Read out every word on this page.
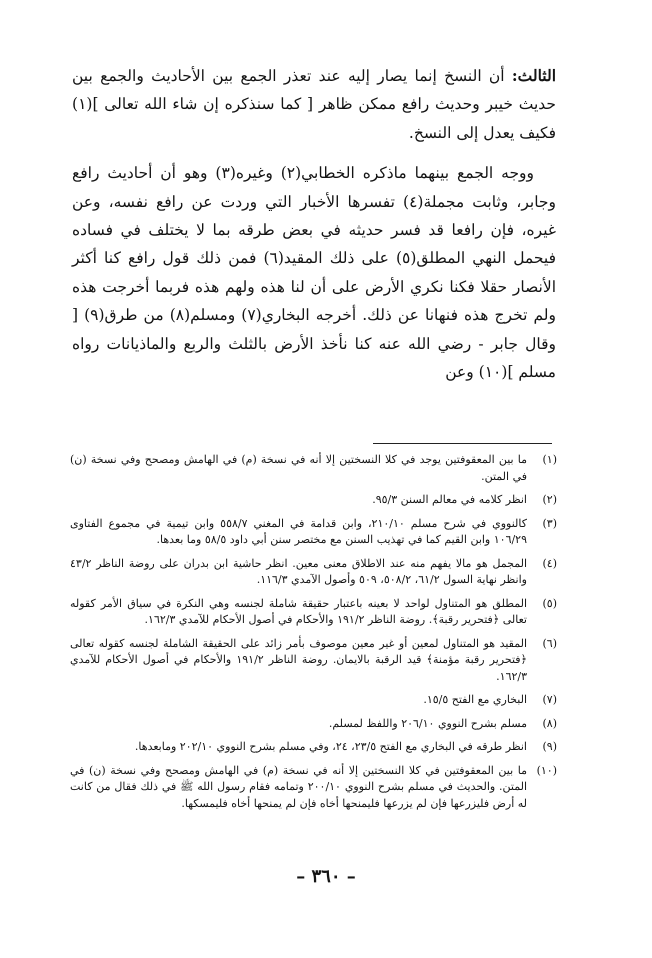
الثالث: أن النسخ إنما يصار إليه عند تعذر الجمع بين الأحاديث والجمع بين حديث خيبر وحديث رافع ممكن ظاهر [ كما سنذكره إن شاء الله تعالى ](١) فكيف يعدل إلى النسخ.

ووجه الجمع بينهما ماذكره الخطابي(٢) وغيره(٣) وهو أن أحاديث رافع وجابر، وثابت مجملة(٤) تفسرها الأخبار التي وردت عن رافع نفسه، وعن غيره، فإن رافعا قد فسر حديثه في بعض طرقه بما لا يختلف في فساده فيحمل النهي المطلق(٥) على ذلك المقيد(٦) فمن ذلك قول رافع كنا أكثر الأنصار حقلا فكنا نكري الأرض على أن لنا هذه ولهم هذه فربما أخرجت هذه ولم تخرج هذه فنهانا عن ذلك. أخرجه البخاري(٧) ومسلم(٨) من طرق(٩) [ وقال جابر - رضي الله عنه كنا نأخذ الأرض بالثلث والربع والماذيانات رواه مسلم ](١٠) وعن

(١)
ما بين المعقوفتين يوجد في كلا النسختين إلا أنه في نسخة (م) في الهامش ومصحح وفي نسخة (ن) في المتن.
(٢)
انظر كلامه في معالم السنن ٩٥/٣.
(٣)
كالنووي في شرح مسلم ٢١٠/١٠، وابن قدامة في المغني ٥٥٨/٧ وابن تيمية في مجموع الفتاوى ١٠٦/٢٩ وابن القيم كما في تهذيب السنن مع مختصر سنن أبي داود ٥٨/٥ وما بعدها.
(٤)
المجمل هو مالا يفهم منه عند الاطلاق معنى معين. انظر حاشية ابن بدران على روضة الناظر ٤٣/٢ وانظر نهاية السول ٦١/٢، ٥٠٨/٢، ٥٠٩ وأصول الآمدي ١١٦/٣.
(٥)
المطلق هو المتناول لواحد لا بعينه باعتبار حقيقة شاملة لجنسه وهي النكرة في سياق الأمر كقوله تعالى ﴿فتحرير رقبة﴾. روضة الناظر ١٩١/٢ والأحكام في أصول الأحكام للآمدي ١٦٢/٣.
(٦)
المقيد هو المتناول لمعين أو غير معين موصوف بأمر زائد على الحقيقة الشاملة لجنسه كقوله تعالى ﴿فتحرير رقبة مؤمنة﴾ قيد الرقبة بالايمان. روضة الناظر ١٩١/٢ والأحكام في أصول الأحكام للآمدي ١٦٢/٣.
(٧)
البخاري مع الفتح ١٥/٥.
(٨)
مسلم بشرح النووي ٢٠٦/١٠ واللفظ لمسلم.
(٩)
انظر طرقه في البخاري مع الفتح ٢٣/٥، ٢٤، وفي مسلم بشرح النووي ٢٠٢/١٠ ومابعدها.
(١٠)
ما بين المعقوفتين في كلا النسختين إلا أنه في نسخة (م) في الهامش ومصحح وفي نسخة (ن) في المتن. والحديث في مسلم بشرح النووي ٢٠٠/١٠ وتمامه فقام رسول الله ﷺ في ذلك فقال من كانت له أرض فليزرعها فإن لم يزرعها فليمنحها أخاه فإن لم يمنحها أخاه فليمسكها.
– ٣٦٠ –
